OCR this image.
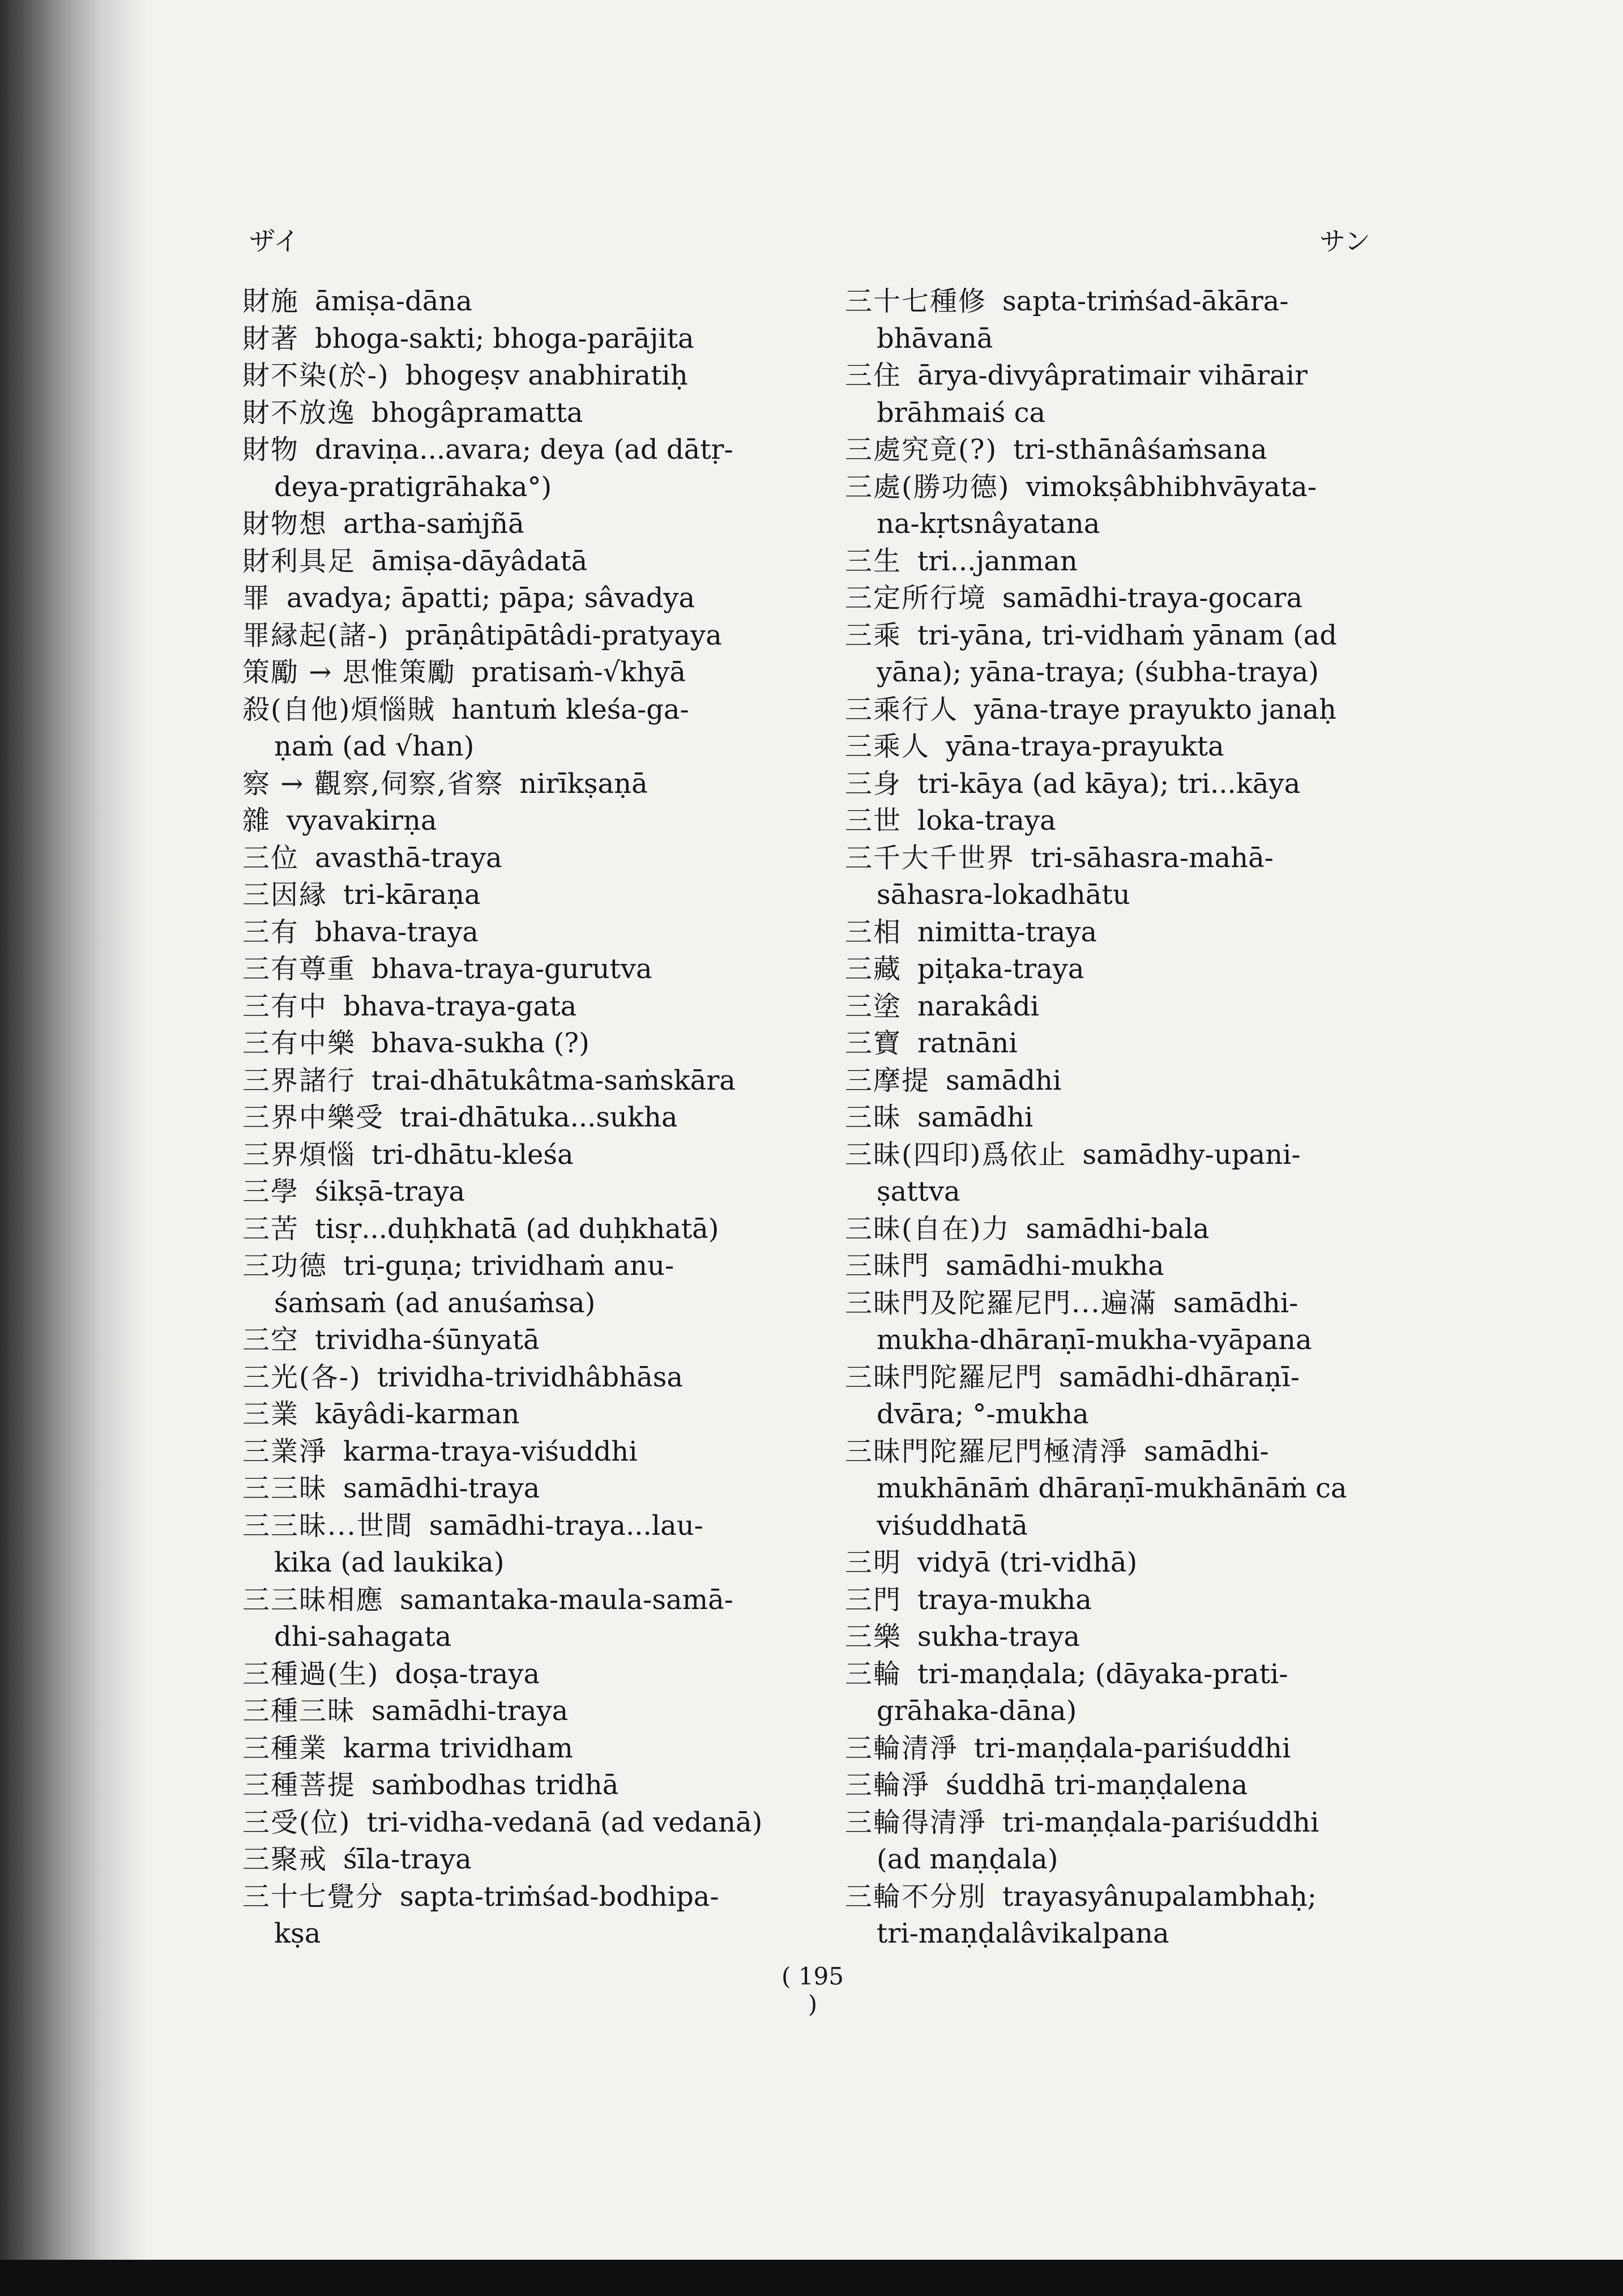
ザイ	サン
財施 āmiṣa-dāna
財著 bhoga-sakti; bhoga-parājita
財不染(於-) bhogeṣv anabhiratiḥ
財不放逸 bhogâpramatta
財物 draviṇa...avara; deya (ad dātṛ-
deya-pratigrāhaka°)
財物想 artha-saṁjñā
財利具足 āmiṣa-dāyâdatā
罪 avadya; āpatti; pāpa; sâvadya
罪縁起(諸-) prāṇâtipātâdi-pratyaya
策勵 → 思惟策勵 pratisaṁ-√khyā
殺(自他)煩惱賊 hantuṁ kleśa-ga-
ṇaṁ (ad √han)
察 → 觀察,伺察,省察 nirīkṣaṇā
雜 vyavakirṇa
三位 avasthā-traya
三因縁 tri-kāraṇa
三有 bhava-traya
三有尊重 bhava-traya-gurutva
三有中 bhava-traya-gata
三有中樂 bhava-sukha (?)
三界諸行 trai-dhātukâtma-saṁskāra
三界中樂受 trai-dhātuka...sukha
三界煩惱 tri-dhātu-kleśa
三學 śikṣā-traya
三苦 tisṛ...duḥkhatā (ad duḥkhatā)
三功德 tri-guṇa; trividhaṁ anu-
śaṁsaṁ (ad anuśaṁsa)
三空 trividha-śūnyatā
三光(各-) trividha-trividhâbhāsa
三業 kāyâdi-karman
三業淨 karma-traya-viśuddhi
三三昧 samādhi-traya
三三昧...世間 samādhi-traya...lau-
kika (ad laukika)
三三昧相應 samantaka-maula-samā-
dhi-sahagata
三種過(生) doṣa-traya
三種三昧 samādhi-traya
三種業 karma trividham
三種菩提 saṁbodhas tridhā
三受(位) tri-vidha-vedanā (ad vedanā)
三聚戒 śīla-traya
三十七覺分 sapta-triṁśad-bodhipa-
kṣa
三十七種修 sapta-triṁśad-ākāra-
bhāvanā
三住 ārya-divyâpratimair vihārair
brāhmaiś ca
三處究竟(?) tri-sthānâśaṁsana
三處(勝功德) vimokṣâbhibhvāyata-
na-kṛtsnâyatana
三生 tri...janman
三定所行境 samādhi-traya-gocara
三乘 tri-yāna, tri-vidhaṁ yānam (ad
yāna); yāna-traya; (śubha-traya)
三乘行人 yāna-traye prayukto janaḥ
三乘人 yāna-traya-prayukta
三身 tri-kāya (ad kāya); tri...kāya
三世 loka-traya
三千大千世界 tri-sāhasra-mahā-
sāhasra-lokadhātu
三相 nimitta-traya
三藏 piṭaka-traya
三塗 narakâdi
三寶 ratnāni
三摩提 samādhi
三昧 samādhi
三昧(四印)爲依止 samādhy-upani-
ṣattva
三昧(自在)力 samādhi-bala
三昧門 samādhi-mukha
三昧門及陀羅尼門...遍滿 samādhi-
mukha-dhāraṇī-mukha-vyāpana
三昧門陀羅尼門 samādhi-dhāraṇī-
dvāra; °-mukha
三昧門陀羅尼門極清淨 samādhi-
mukhānāṁ dhāraṇī-mukhānāṁ ca
viśuddhatā
三明 vidyā (tri-vidhā)
三門 traya-mukha
三樂 sukha-traya
三輪 tri-maṇḍala; (dāyaka-prati-
grāhaka-dāna)
三輪清淨 tri-maṇḍala-pariśuddhi
三輪淨 śuddhā tri-maṇḍalena
三輪得清淨 tri-maṇḍala-pariśuddhi
(ad maṇḍala)
三輪不分別 trayasyânupalambhaḥ;
tri-maṇḍalâvikalpana
( 195 )
